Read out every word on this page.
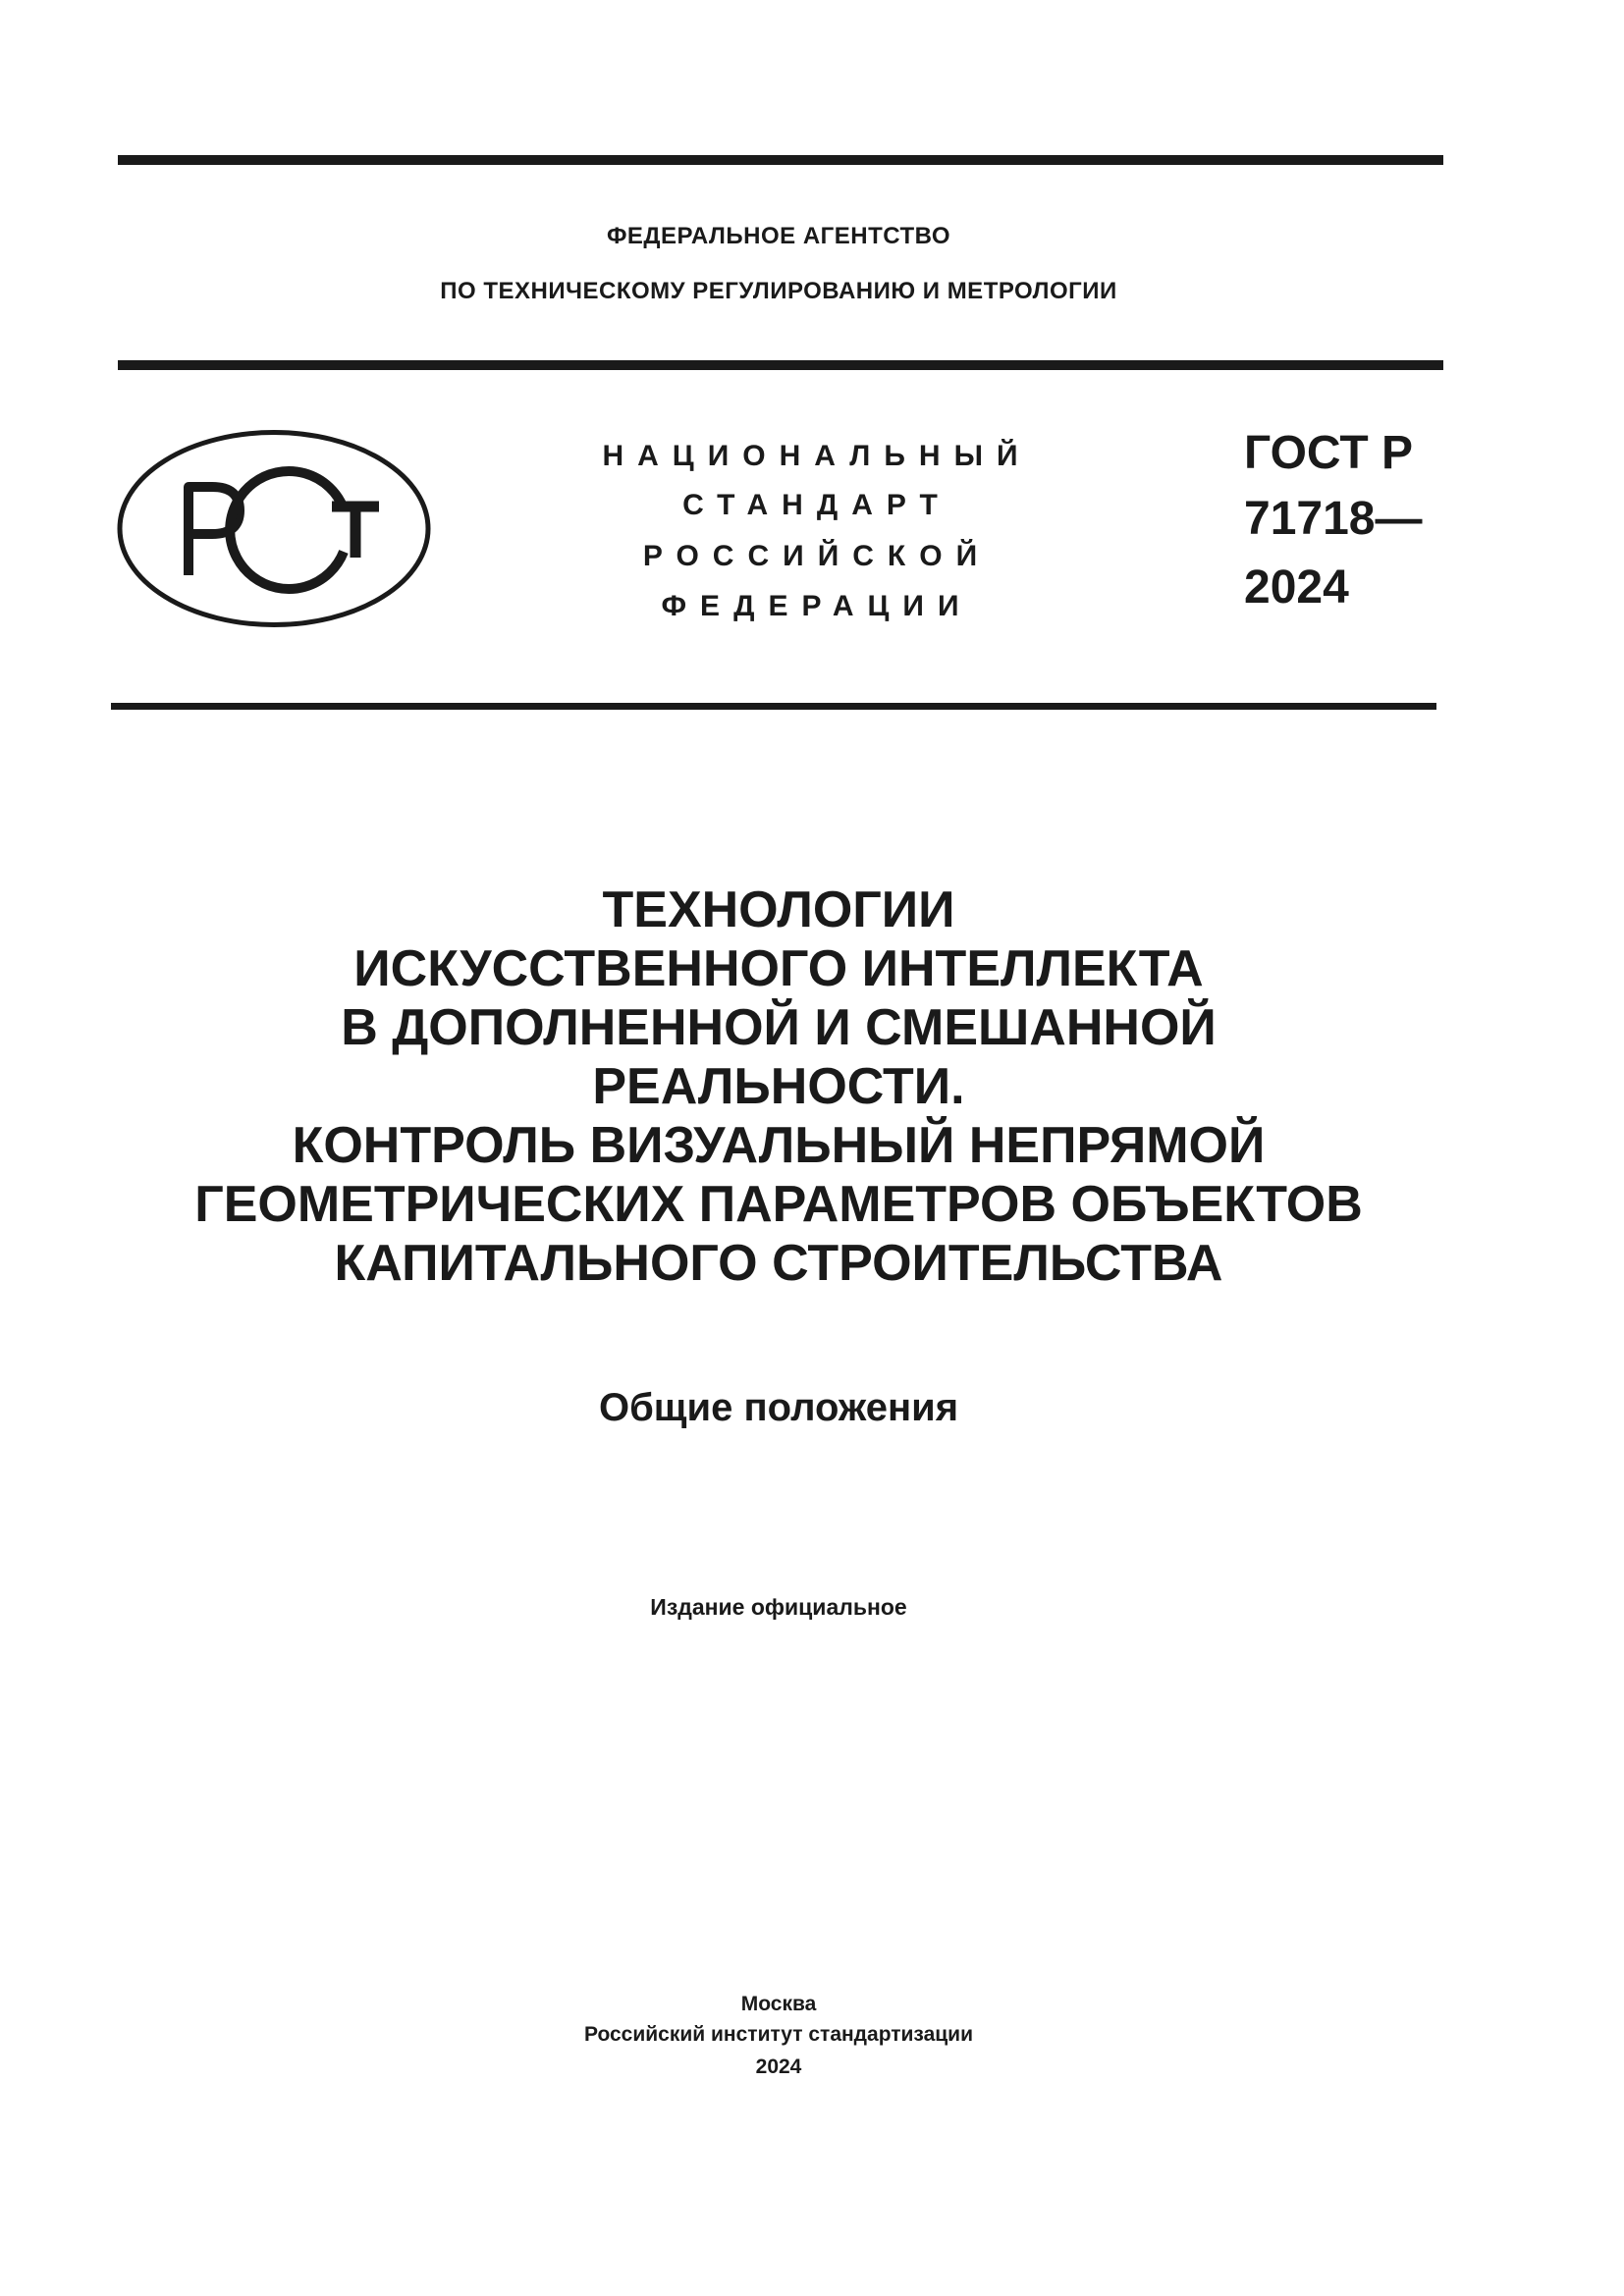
ФЕДЕРАЛЬНОЕ АГЕНТСТВО
ПО ТЕХНИЧЕСКОМУ РЕГУЛИРОВАНИЮ И МЕТРОЛОГИИ
НАЦИОНАЛЬНЫЙ
СТАНДАРТ
РОССИЙСКОЙ
ФЕДЕРАЦИИ
ГОСТ Р
71718—
2024
ТЕХНОЛОГИИ
ИСКУССТВЕННОГО ИНТЕЛЛЕКТА
В ДОПОЛНЕННОЙ И СМЕШАННОЙ
РЕАЛЬНОСТИ.
КОНТРОЛЬ ВИЗУАЛЬНЫЙ НЕПРЯМОЙ
ГЕОМЕТРИЧЕСКИХ ПАРАМЕТРОВ ОБЪЕКТОВ
КАПИТАЛЬНОГО СТРОИТЕЛЬСТВА
Общие положения
Издание официальное
Москва
Российский институт стандартизации
2024
